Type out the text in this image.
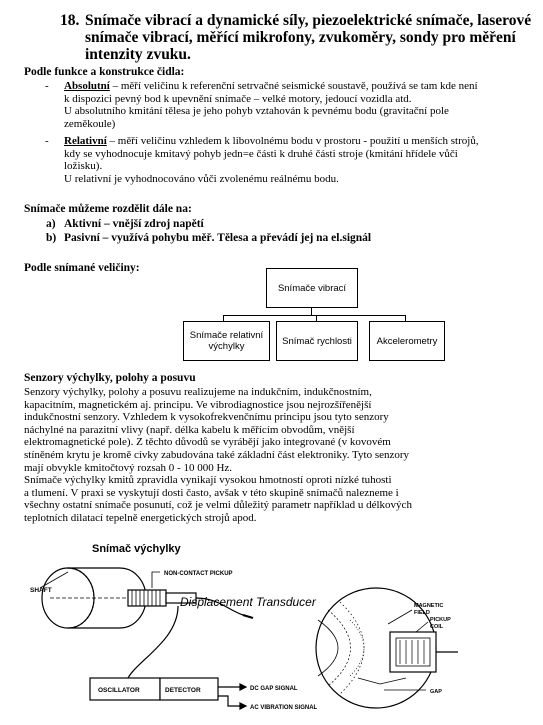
18. Snímače vibrací a dynamické síly, piezoelektrické snímače, laserové snímače vibrací, měřící mikrofony, zvukoměry, sondy pro měření intenzity zvuku.
Podle funkce a konstrukce čidla:
-	Absolutní – měří veličinu k referenční setrvačné seismické soustavě, používá se tam kde není
k dispozici pevný bod k upevnění snímače – velké motory, jedoucí vozidla atd.
U absolutního kmitání tělesa je jeho pohyb vztahován k pevnému bodu (gravitační pole
zeměkoule)
-	Relativní – měří veličinu vzhledem k libovolnému bodu v prostoru - použití u menších strojů,
kdy se vyhodnocuje kmitavý pohyb jedn=e části k druhé části stroje (kmitání hřídele vůči
ložisku).
U relativní je vyhodnocováno vůči zvolenému reálnému bodu.
Snímače můžeme rozdělit dále na:
a) Aktivní – vnější zdroj napětí
b) Pasivní – využívá pohybu měř. Tělesa a převádí jej na el.signál
Podle snímané veličiny:
Snímače vibrací
Snímače relativní výchylky	Snímač rychlosti	Akcelerometry
Senzory výchylky, polohy a posuvu
Senzory výchylky, polohy a posuvu realizujeme na indukčním, indukčnostním,
kapacitním, magnetickém aj. principu. Ve vibrodiagnostice jsou nejrozšířenější
indukčnostní senzory. Vzhledem k vysokofrekvenčnímu principu jsou tyto senzory
náchylné na parazitní vlivy (např. délka kabelu k měřícím obvodům, vnější
elektromagnetické pole). Z těchto důvodů se vyrábějí jako integrované (v kovovém
stíněném krytu je kromě cívky zabudována také základní část elektroniky. Tyto senzory
mají obvykle kmitočtový rozsah 0 - 10 000 Hz.
Snímače výchylky kmitů zpravidla vynikají vysokou hmotností oproti nízké tuhosti
a tlumení. V praxi se vyskytují dosti často, avšak v této skupině snímačů nalezneme i
všechny ostatní snímače posunutí, což je velmi důležitý parametr například u délkových
teplotních dilatací tepelně energetických strojů apod.
Snímač výchylky
SHAFT
NON-CONTACT PICKUP
Displacement Transducer
OSCILLATOR	DETECTOR	DC GAP SIGNAL
AC VIBRATION SIGNAL
MAGNETIC
FIELD
PICKUP
COIL
GAP
